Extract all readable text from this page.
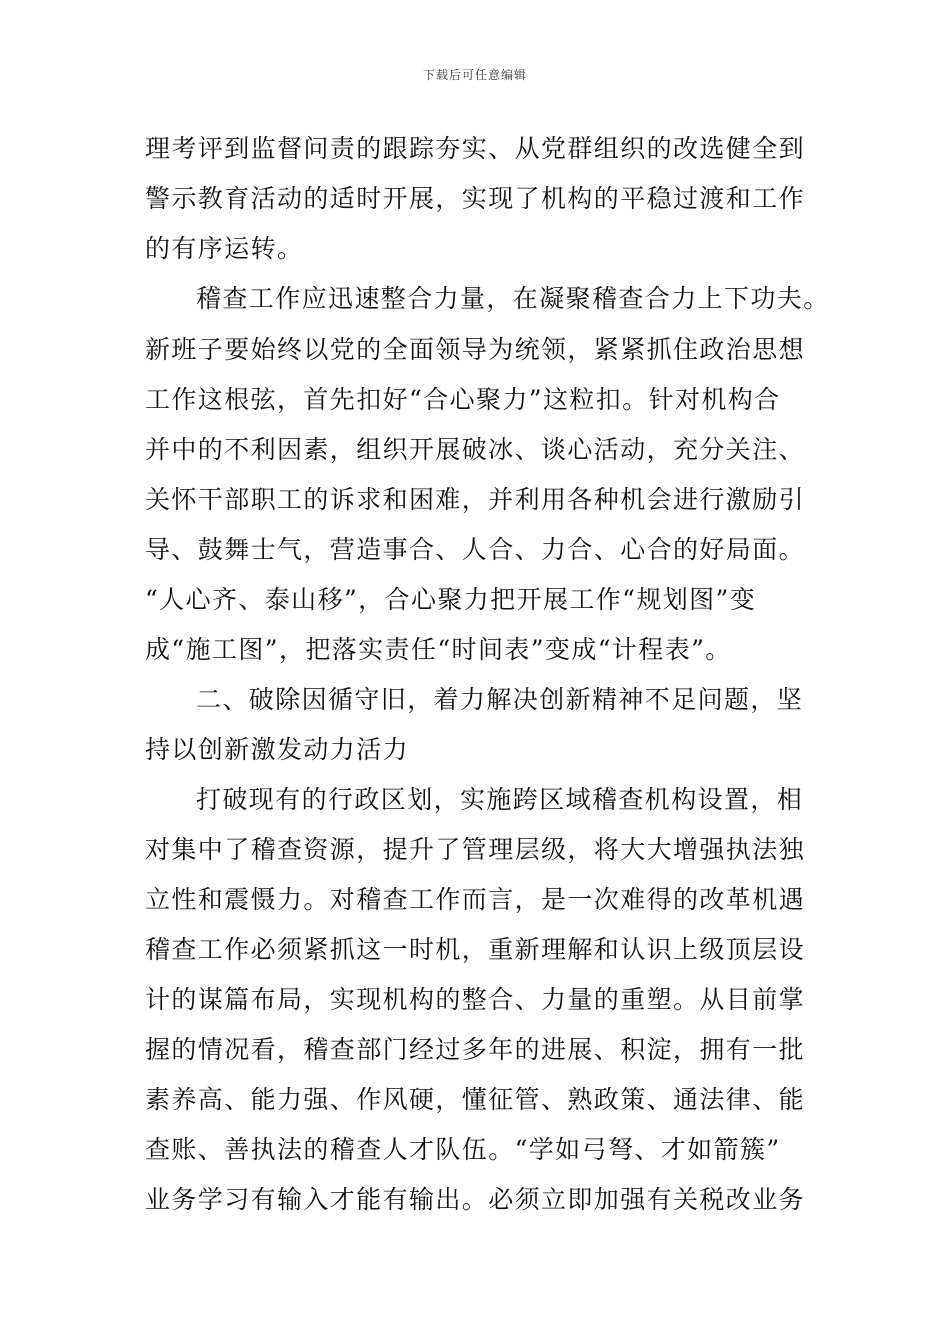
下载后可任意编辑
理考评到监督问责的跟踪夯实、从党群组织的改选健全到
警示教育活动的适时开展，实现了机构的平稳过渡和工作
的有序运转。
稽查工作应迅速整合力量，在凝聚稽查合力上下功夫。
新班子要始终以党的全面领导为统领，紧紧抓住政治思想
工作这根弦，首先扣好“合心聚力”这粒扣。针对机构合
并中的不利因素，组织开展破冰、谈心活动，充分关注、
关怀干部职工的诉求和困难，并利用各种机会进行激励引
导、鼓舞士气，营造事合、人合、力合、心合的好局面。
“人心齐、泰山移”，合心聚力把开展工作“规划图”变
成“施工图”，把落实责任“时间表”变成“计程表”。
二、破除因循守旧，着力解决创新精神不足问题，坚
持以创新激发动力活力
打破现有的行政区划，实施跨区域稽查机构设置，相
对集中了稽查资源，提升了管理层级，将大大增强执法独
立性和震慑力。对稽查工作而言，是一次难得的改革机遇
稽查工作必须紧抓这一时机，重新理解和认识上级顶层设
计的谋篇布局，实现机构的整合、力量的重塑。从目前掌
握的情况看，稽查部门经过多年的进展、积淀，拥有一批
素养高、能力强、作风硬，懂征管、熟政策、通法律、能
查账、善执法的稽查人才队伍。“学如弓弩、才如箭簇”
业务学习有输入才能有输出。必须立即加强有关税改业务
